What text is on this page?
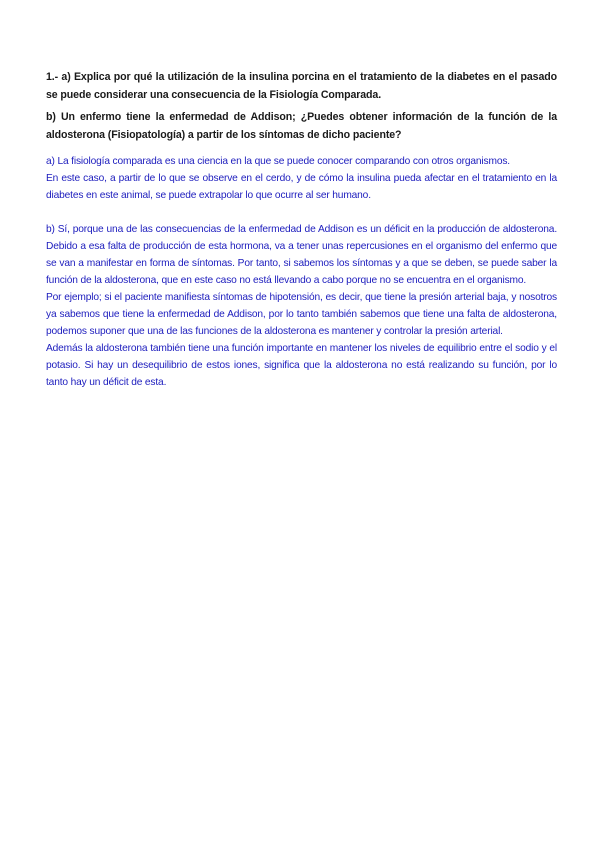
1.- a) Explica por qué la utilización de la insulina porcina en el tratamiento de la diabetes en el pasado se puede considerar una consecuencia de la Fisiología Comparada.

b) Un enfermo tiene la enfermedad de Addison; ¿Puedes obtener información de la función de la aldosterona (Fisiopatología) a partir de los síntomas de dicho paciente?

a) La fisiología comparada es una ciencia en la que se puede conocer comparando con otros organismos.

En este caso, a partir de lo que se observe en el cerdo, y de cómo la insulina pueda afectar en el tratamiento en la diabetes en este animal, se puede extrapolar lo que ocurre al ser humano.

b) Sí, porque una de las consecuencias de la enfermedad de Addison es un déficit en la producción de aldosterona. Debido a esa falta de producción de esta hormona, va a tener unas repercusiones en el organismo del enfermo que se van a manifestar en forma de síntomas. Por tanto, si sabemos los síntomas y a que se deben, se puede saber la función de la aldosterona, que en este caso no está llevando a cabo porque no se encuentra en el organismo.

Por ejemplo; si el paciente manifiesta síntomas de hipotensión, es decir, que tiene la presión arterial baja, y nosotros ya sabemos que tiene la enfermedad de Addison, por lo tanto también sabemos que tiene una falta de aldosterona, podemos suponer que una de las funciones de la aldosterona es mantener y controlar la presión arterial.

Además la aldosterona también tiene una función importante en mantener los niveles de equilibrio entre el sodio y el potasio. Si hay un desequilibrio de estos iones, significa que la aldosterona no está realizando su función, por lo tanto hay un déficit de esta.
